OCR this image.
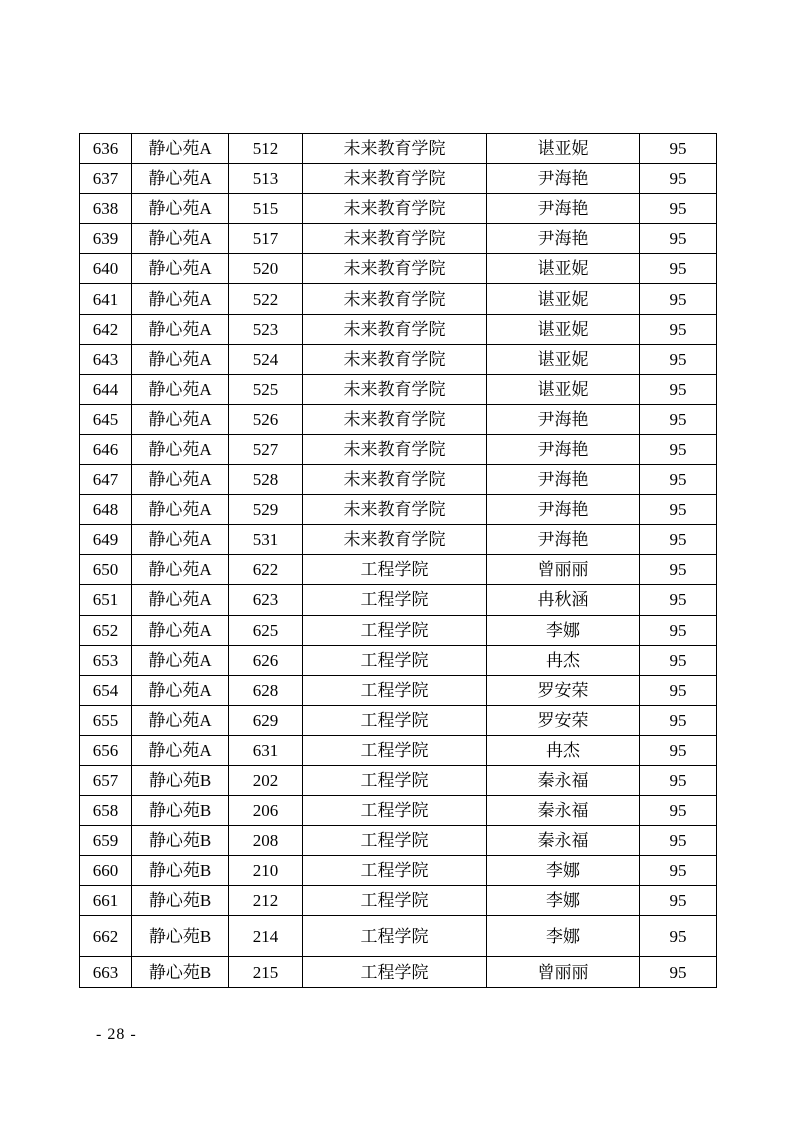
636	静心苑A	512	未来教育学院	谌亚妮	95
637	静心苑A	513	未来教育学院	尹海艳	95
638	静心苑A	515	未来教育学院	尹海艳	95
639	静心苑A	517	未来教育学院	尹海艳	95
640	静心苑A	520	未来教育学院	谌亚妮	95
641	静心苑A	522	未来教育学院	谌亚妮	95
642	静心苑A	523	未来教育学院	谌亚妮	95
643	静心苑A	524	未来教育学院	谌亚妮	95
644	静心苑A	525	未来教育学院	谌亚妮	95
645	静心苑A	526	未来教育学院	尹海艳	95
646	静心苑A	527	未来教育学院	尹海艳	95
647	静心苑A	528	未来教育学院	尹海艳	95
648	静心苑A	529	未来教育学院	尹海艳	95
649	静心苑A	531	未来教育学院	尹海艳	95
650	静心苑A	622	工程学院	曾丽丽	95
651	静心苑A	623	工程学院	冉秋涵	95
652	静心苑A	625	工程学院	李娜	95
653	静心苑A	626	工程学院	冉杰	95
654	静心苑A	628	工程学院	罗安荣	95
655	静心苑A	629	工程学院	罗安荣	95
656	静心苑A	631	工程学院	冉杰	95
657	静心苑B	202	工程学院	秦永福	95
658	静心苑B	206	工程学院	秦永福	95
659	静心苑B	208	工程学院	秦永福	95
660	静心苑B	210	工程学院	李娜	95
661	静心苑B	212	工程学院	李娜	95
662	静心苑B	214	工程学院	李娜	95
663	静心苑B	215	工程学院	曾丽丽	95
- 28 -
